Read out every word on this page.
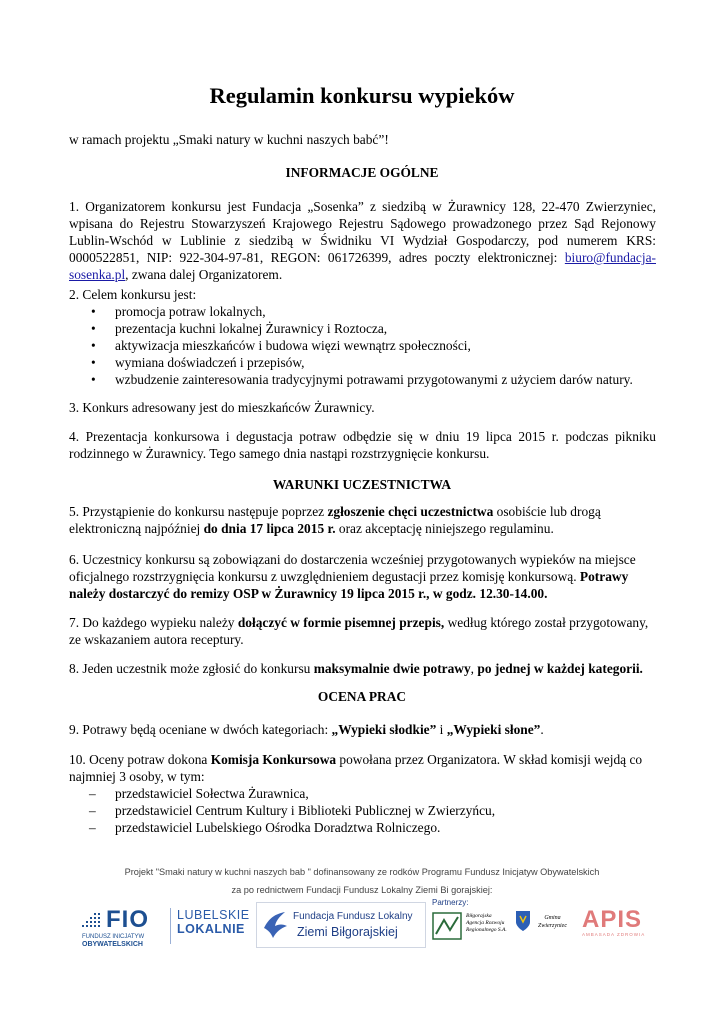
Regulamin konkursu wypieków
w ramach projektu „Smaki natury w kuchni naszych babć”!
INFORMACJE OGÓLNE
1. Organizatorem konkursu jest Fundacja „Sosenka” z siedzibą w Żurawnicy 128, 22-470 Zwierzyniec, wpisana do Rejestru Stowarzyszeń Krajowego Rejestru Sądowego prowadzonego przez Sąd Rejonowy Lublin-Wschód w Lublinie z siedzibą w Świdniku VI Wydział Gospodarczy, pod numerem KRS: 0000522851, NIP: 922-304-97-81, REGON: 061726399, adres poczty elektronicznej: biuro@fundacja-sosenka.pl, zwana dalej Organizatorem.
2. Celem konkursu jest:
• promocja potraw lokalnych,
• prezentacja kuchni lokalnej Żurawnicy i Roztocza,
• aktywizacja mieszkańców i budowa więzi wewnątrz społeczności,
• wymiana doświadczeń i przepisów,
• wzbudzenie zainteresowania tradycyjnymi potrawami przygotowanymi z użyciem darów natury.
3. Konkurs adresowany jest do mieszkańców Żurawnicy.
4. Prezentacja konkursowa i degustacja potraw odbędzie się w dniu 19 lipca 2015 r. podczas pikniku rodzinnego w Żurawnicy. Tego samego dnia nastąpi rozstrzygnięcie konkursu.
WARUNKI UCZESTNICTWA
5. Przystąpienie do konkursu następuje poprzez zgłoszenie chęci uczestnictwa osobiście lub drogą elektroniczną najpóźniej do dnia 17 lipca 2015 r. oraz akceptację niniejszego regulaminu.
6. Uczestnicy konkursu są zobowiązani do dostarczenia wcześniej przygotowanych wypieków na miejsce oficjalnego rozstrzygnięcia konkursu z uwzględnieniem degustacji przez komisję konkursową. Potrawy należy dostarczyć do remizy OSP w Żurawnicy 19 lipca 2015 r., w godz. 12.30-14.00.
7. Do każdego wypieku należy dołączyć w formie pisemnej przepis, według którego został przygotowany, ze wskazaniem autora receptury.
8. Jeden uczestnik może zgłosić do konkursu maksymalnie dwie potrawy, po jednej w każdej kategorii.
OCENA PRAC
9. Potrawy będą oceniane w dwóch kategoriach: „Wypieki słodkie” i „Wypieki słone”.
10. Oceny potraw dokona Komisja Konkursowa powołana przez Organizatora. W skład komisji wejdą co najmniej 3 osoby, w tym:
– przedstawiciel Sołectwa Żurawnica,
– przedstawiciel Centrum Kultury i Biblioteki Publicznej w Zwierzyńcu,
– przedstawiciel Lubelskiego Ośrodka Doradztwa Rolniczego.
Projekt "Smaki natury w kuchni naszych bab " dofinansowany ze rodków Programu Fundusz Inicjatyw Obywatelskich
za po rednictwem Fundacji Fundusz Lokalny Ziemi Bi gorajskiej:
FIO
FUNDUSZ INICJATYW
OBYWATELSKICH
LUBELSKIE
LOKALNIE
Fundacja Fundusz Lokalny
Ziemi Biłgorajskiej
Partnerzy:
Biłgorajska
Agencja Rozwoju
Regionalnego S.A.
Gmina
Zwierzyniec APIS
AMBASADA ZDROWIA
